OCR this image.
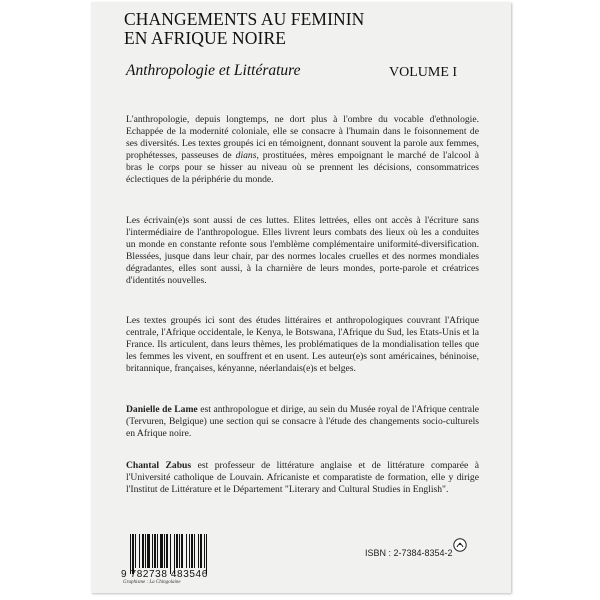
CHANGEMENTS AU FEMININ
EN AFRIQUE NOIRE
Anthropologie et Littérature	VOLUME I

L'anthropologie, depuis longtemps, ne dort plus à l'ombre du vocable d'ethnologie. Echappée de la modernité coloniale, elle se consacre à l'humain dans le foisonnement de ses diversités. Les textes groupés ici en témoignent, donnant souvent la parole aux femmes, prophétesses, passeuses de dians, prostituées, mères empoignant le marché de l'alcool à bras le corps pour se hisser au niveau où se prennent les décisions, consommatrices éclectiques de la périphérie du monde.

Les écrivain(e)s sont aussi de ces luttes. Elites lettrées, elles ont accès à l'écriture sans l'intermédiaire de l'anthropologue. Elles livrent leurs combats des lieux où les a conduites un monde en constante refonte sous l'emblème complémentaire uniformité-diversification. Blessées, jusque dans leur chair, par des normes locales cruelles et des normes mondiales dégradantes, elles sont aussi, à la charnière de leurs mondes, porte-parole et créatrices d'identités nouvelles.

Les textes groupés ici sont des études littéraires et anthropologiques couvrant l'Afrique centrale, l'Afrique occidentale, le Kenya, le Botswana, l'Afrique du Sud, les Etats-Unis et la France. Ils articulent, dans leurs thèmes, les problématiques de la mondialisation telles que les femmes les vivent, en souffrent et en usent. Les auteur(e)s sont américaines, béninoise, britannique, françaises, kényanne, néerlandais(e)s et belges.

Danielle de Lame est anthropologue et dirige, au sein du Musée royal de l'Afrique centrale (Tervuren, Belgique) une section qui se consacre à l'étude des changements socio-culturels en Afrique noire.

Chantal Zabus est professeur de littérature anglaise et de littérature comparée à l'Université catholique de Louvain. Africaniste et comparatiste de formation, elle y dirige l'Institut de Littérature et le Département "Literary and Cultural Studies in English".

9 782738 483546
Graphisme : La Chingolaine
ISBN : 2-7384-8354-2
